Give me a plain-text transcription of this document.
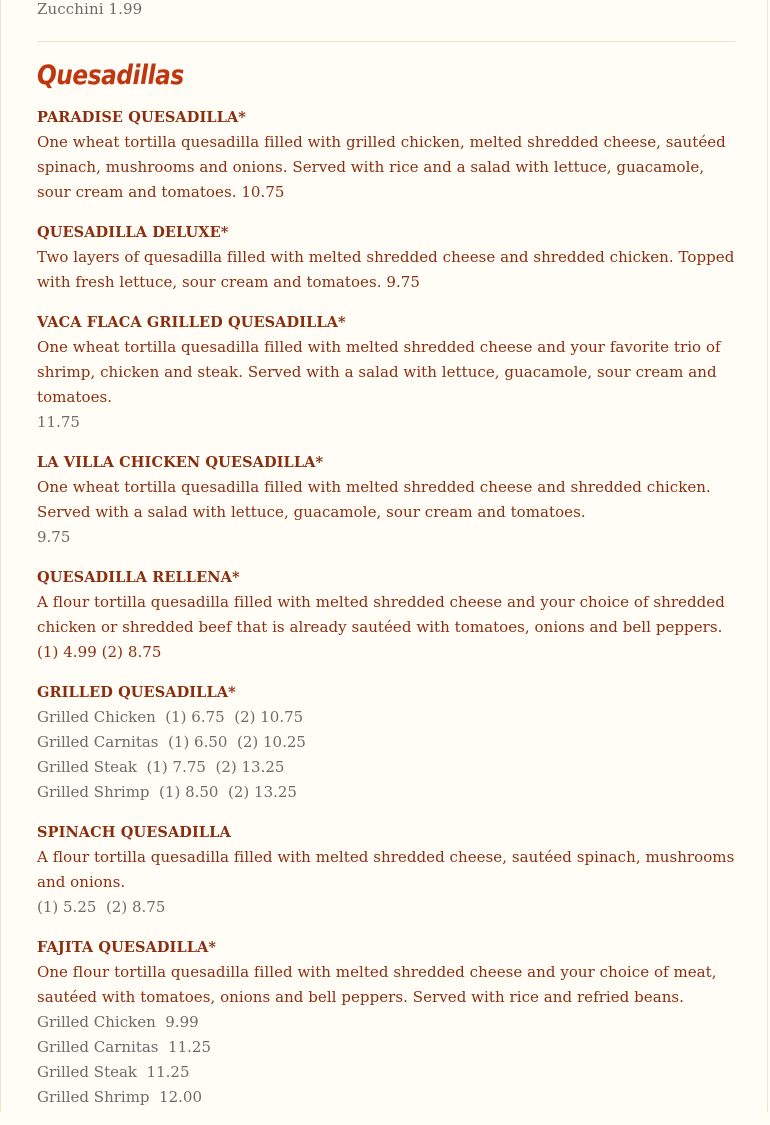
Zucchini 1.99
Quesadillas
PARADISE QUESADILLA*
One wheat tortilla quesadilla filled with grilled chicken, melted shredded cheese, sautéed spinach, mushrooms and onions. Served with rice and a salad with lettuce, guacamole, sour cream and tomatoes. 10.75
QUESADILLA DELUXE*
Two layers of quesadilla filled with melted shredded cheese and shredded chicken. Topped with fresh lettuce, sour cream and tomatoes. 9.75
VACA FLACA GRILLED QUESADILLA*
One wheat tortilla quesadilla filled with melted shredded cheese and your favorite trio of shrimp, chicken and steak. Served with a salad with lettuce, guacamole, sour cream and tomatoes.
11.75
LA VILLA CHICKEN QUESADILLA*
One wheat tortilla quesadilla filled with melted shredded cheese and shredded chicken. Served with a salad with lettuce, guacamole, sour cream and tomatoes.
9.75
QUESADILLA RELLENA*
A flour tortilla quesadilla filled with melted shredded cheese and your choice of shredded chicken or shredded beef that is already sautéed with tomatoes, onions and bell peppers. (1) 4.99 (2) 8.75
GRILLED QUESADILLA*
Grilled Chicken  (1) 6.75  (2) 10.75
Grilled Carnitas  (1) 6.50  (2) 10.25
Grilled Steak  (1) 7.75  (2) 13.25
Grilled Shrimp  (1) 8.50  (2) 13.25
SPINACH QUESADILLA
A flour tortilla quesadilla filled with melted shredded cheese, sautéed spinach, mushrooms and onions.
(1) 5.25  (2) 8.75
FAJITA QUESADILLA*
One flour tortilla quesadilla filled with melted shredded cheese and your choice of meat, sautéed with tomatoes, onions and bell peppers. Served with rice and refried beans.
Grilled Chicken  9.99
Grilled Carnitas  11.25
Grilled Steak  11.25
Grilled Shrimp  12.00
